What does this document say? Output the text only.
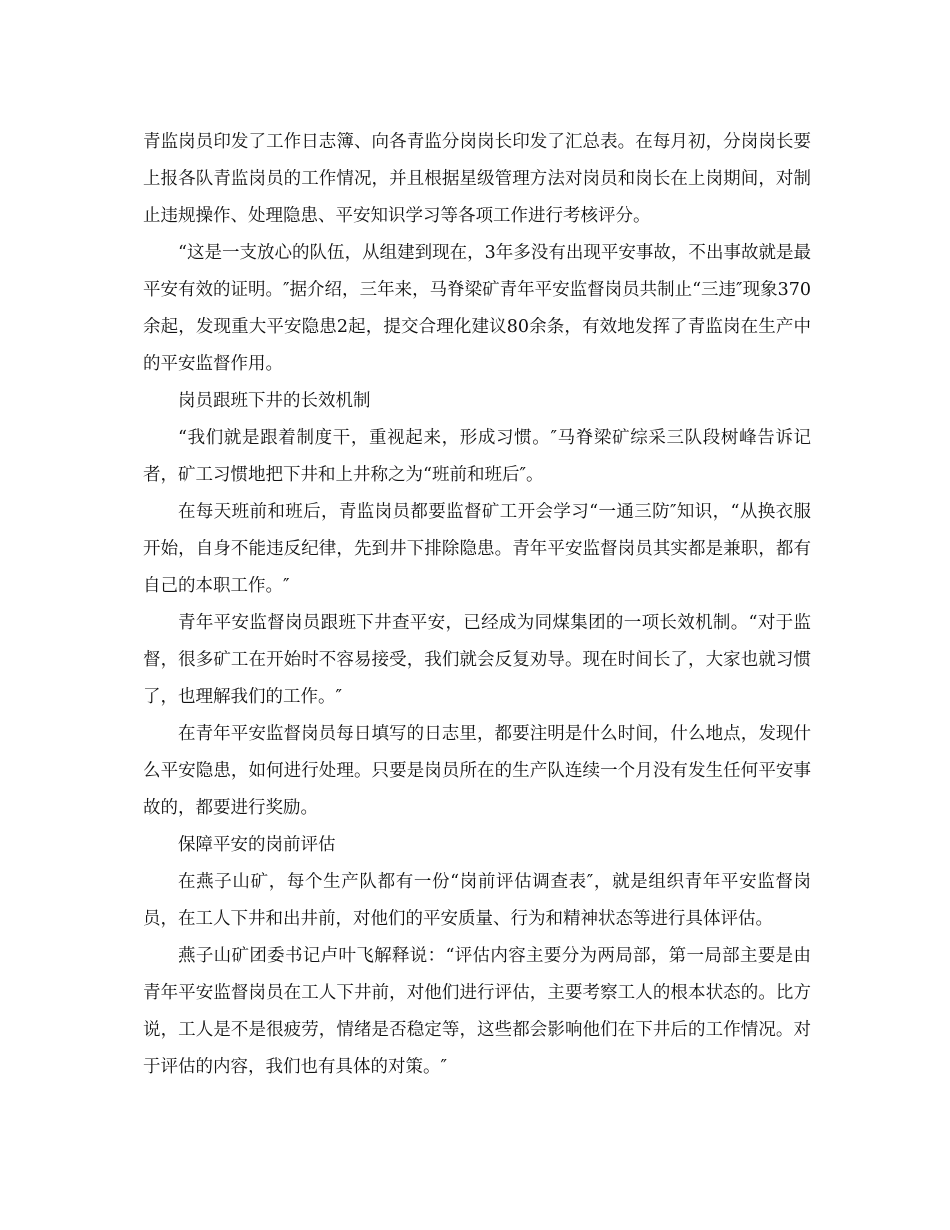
青监岗员印发了工作日志簿、向各青监分岗岗长印发了汇总表。在每月初，分岗岗长要上报各队青监岗员的工作情况，并且根据星级管理方法对岗员和岗长在上岗期间，对制止违规操作、处理隐患、平安知识学习等各项工作进行考核评分。

“这是一支放心的队伍，从组建到现在，3年多没有出现平安事故，不出事故就是最平安有效的证明。″据介绍，三年来，马脊梁矿青年平安监督岗员共制止“三违″现象370余起，发现重大平安隐患2起，提交合理化建议80余条，有效地发挥了青监岗在生产中的平安监督作用。

岗员跟班下井的长效机制

“我们就是跟着制度干，重视起来，形成习惯。″马脊梁矿综采三队段树峰告诉记者，矿工习惯地把下井和上井称之为“班前和班后″。

在每天班前和班后，青监岗员都要监督矿工开会学习“一通三防″知识，“从换衣服开始，自身不能违反纪律，先到井下排除隐患。青年平安监督岗员其实都是兼职，都有自己的本职工作。″

青年平安监督岗员跟班下井查平安，已经成为同煤集团的一项长效机制。“对于监督，很多矿工在开始时不容易接受，我们就会反复劝导。现在时间长了，大家也就习惯了，也理解我们的工作。″

在青年平安监督岗员每日填写的日志里，都要注明是什么时间，什么地点，发现什么平安隐患，如何进行处理。只要是岗员所在的生产队连续一个月没有发生任何平安事故的，都要进行奖励。

保障平安的岗前评估

在燕子山矿，每个生产队都有一份“岗前评估调查表″，就是组织青年平安监督岗员，在工人下井和出井前，对他们的平安质量、行为和精神状态等进行具体评估。

燕子山矿团委书记卢叶飞解释说：“评估内容主要分为两局部，第一局部主要是由青年平安监督岗员在工人下井前，对他们进行评估，主要考察工人的根本状态的。比方说，工人是不是很疲劳，情绪是否稳定等，这些都会影响他们在下井后的工作情况。对于评估的内容，我们也有具体的对策。″
